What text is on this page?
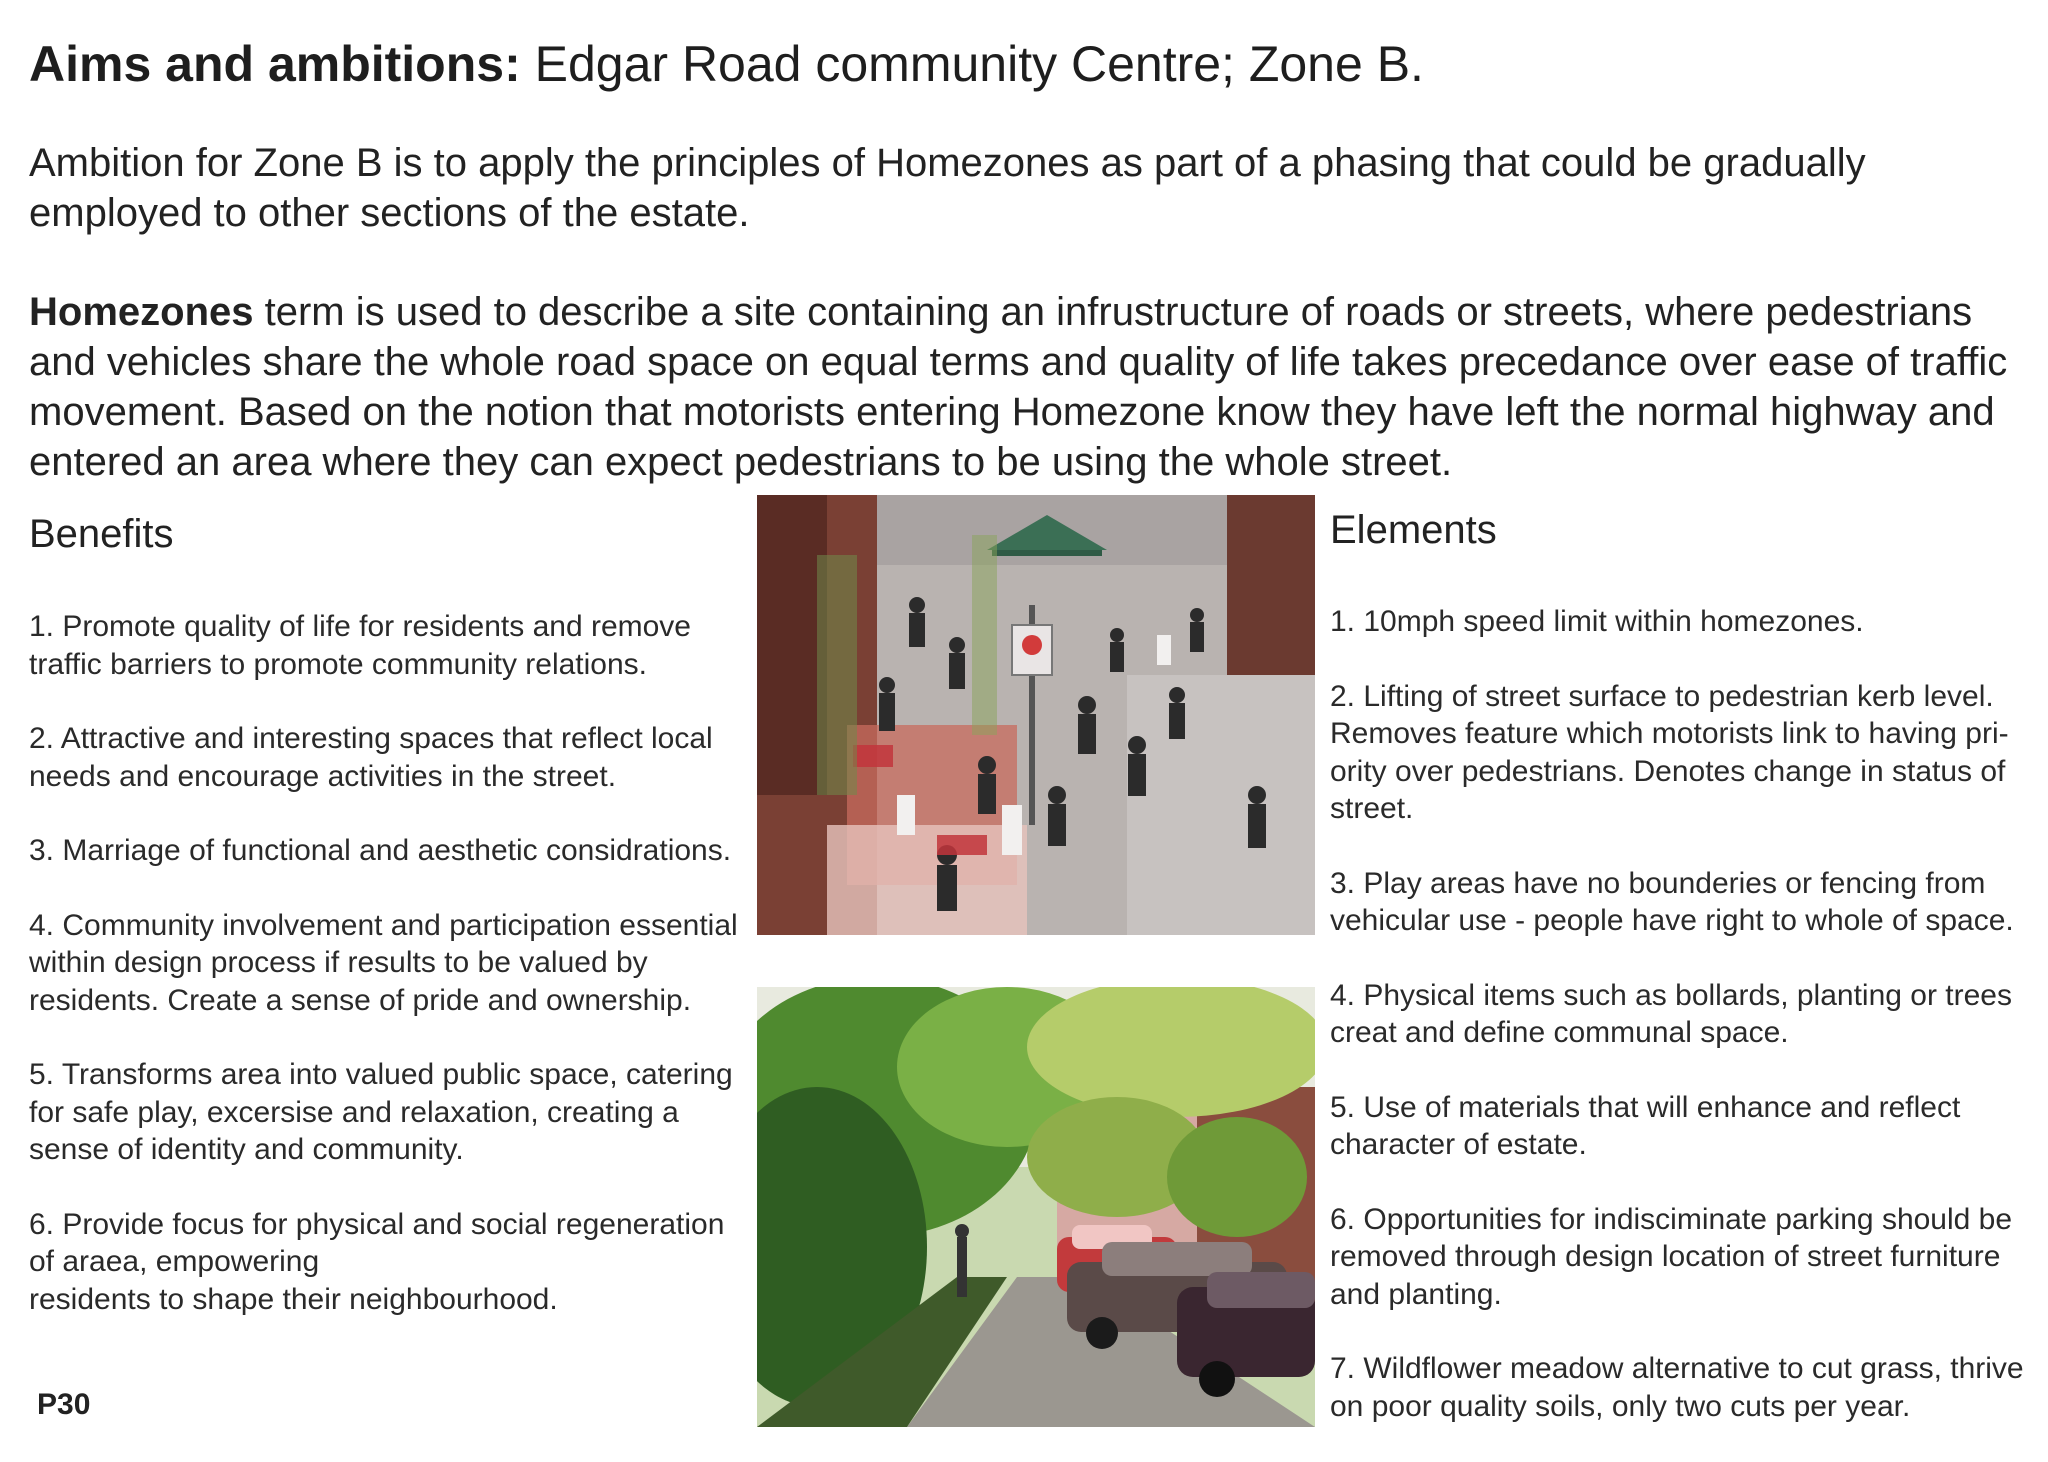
Aims and ambitions: Edgar Road community Centre; Zone B.
Ambition for Zone B is to apply the principles of Homezones as part of a phasing that could be gradually employed to other sections of the estate.
Homezones term is used to describe a site containing an infrustructure of roads or streets, where pedestrians and vehicles share the whole road space on equal terms and quality of life takes precedance over ease of traffic movement. Based on the notion that motorists entering Homezone know they have left the normal highway and entered an area where they can expect pedestrians to be using the whole street.
Benefits
1. Promote quality of life for residents and remove traffic barriers to promote community relations.
2. Attractive and interesting spaces that reflect local needs and encourage activities in the street.
3. Marriage of functional and aesthetic considrations.
4. Community involvement and participation essential within design process if results to be valued by residents. Create a sense of pride and ownership.
5. Transforms area into valued public space, catering for safe play, excersise and relaxation, creating a sense of identity and community.
6. Provide focus for physical and social regeneration of araea, empowering
residents to shape their neighbourhood.
Elements
1. 10mph speed limit within homezones.
2. Lifting of street surface to pedestrian kerb level. Removes feature which motorists link to having pri-ority over pedestrians. Denotes change in status of street.
3. Play areas have no bounderies or fencing from vehicular use - people have right to whole of space.
4. Physical items such as bollards, planting or trees creat and define communal space.
5. Use of materials that will enhance and reflect character of estate.
6. Opportunities for indisciminate parking should be removed through design location of street furniture and planting.
7. Wildflower meadow alternative to cut grass, thrive on poor quality soils, only two cuts per year.
P30
